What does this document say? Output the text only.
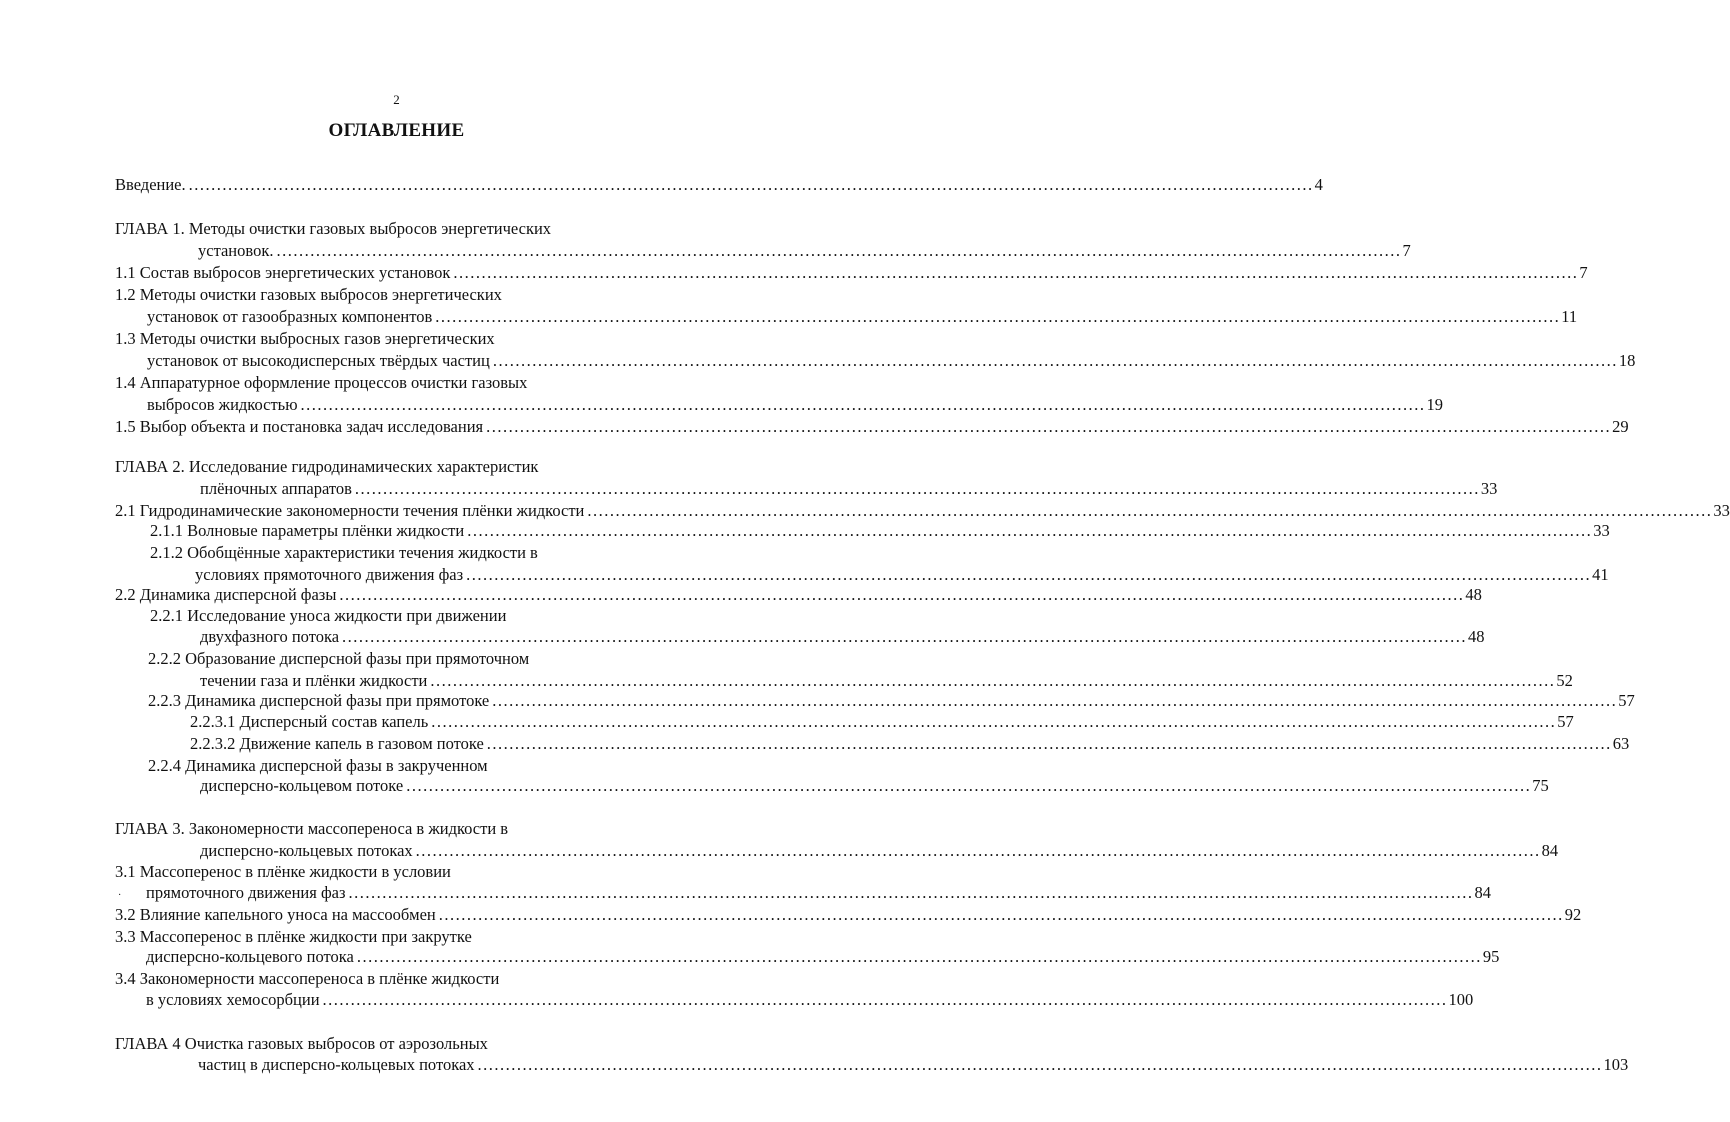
2
ОГЛАВЛЕНИЕ
Введение. ........................................................................................................................................................................................................ 4
ГЛАВА 1. Методы очистки газовых выбросов энергетических
установок. ........................................................................................................................................................................................................ 7
1.1 Состав выбросов энергетических установок ........................................................................................................................................................................................................ 7
1.2 Методы очистки газовых выбросов энергетических
установок от газообразных компонентов ........................................................................................................................................................................................................ 11
1.3 Методы очистки выбросных газов энергетических
установок от высокодисперсных твёрдых частиц ........................................................................................................................................................................................................ 18
1.4 Аппаратурное оформление процессов очистки газовых
выбросов жидкостью ........................................................................................................................................................................................................ 19
1.5 Выбор объекта и постановка задач исследования ........................................................................................................................................................................................................ 29
ГЛАВА 2. Исследование гидродинамических характеристик
плёночных аппаратов ........................................................................................................................................................................................................ 33
2.1 Гидродинамические закономерности течения плёнки жидкости ........................................................................................................................................................................................................ 33
2.1.1 Волновые параметры плёнки жидкости ........................................................................................................................................................................................................ 33
2.1.2 Обобщённые характеристики течения жидкости в
условиях прямоточного движения фаз ........................................................................................................................................................................................................ 41
2.2 Динамика дисперсной фазы ........................................................................................................................................................................................................ 48
2.2.1 Исследование уноса жидкости при движении
двухфазного потока ........................................................................................................................................................................................................ 48
2.2.2 Образование дисперсной фазы при прямоточном
течении газа и плёнки жидкости ........................................................................................................................................................................................................ 52
2.2.3 Динамика дисперсной фазы при прямотоке ........................................................................................................................................................................................................ 57
2.2.3.1 Дисперсный состав капель ........................................................................................................................................................................................................ 57
2.2.3.2 Движение капель в газовом потоке ........................................................................................................................................................................................................ 63
2.2.4 Динамика дисперсной фазы в закрученном
дисперсно-кольцевом потоке ........................................................................................................................................................................................................ 75
ГЛАВА 3. Закономерности массопереноса в жидкости в
дисперсно-кольцевых потоках ........................................................................................................................................................................................................ 84
3.1 Массоперенос в плёнке жидкости в условии
· прямоточного движения фаз ........................................................................................................................................................................................................ 84
3.2 Влияние капельного уноса на массообмен ........................................................................................................................................................................................................ 92
3.3 Массоперенос в плёнке жидкости при закрутке
дисперсно-кольцевого потока ........................................................................................................................................................................................................ 95
3.4 Закономерности массопереноса в плёнке жидкости
в условиях хемосорбции ........................................................................................................................................................................................................ 100
ГЛАВА 4 Очистка газовых выбросов от аэрозольных
частиц в дисперсно-кольцевых потоках ........................................................................................................................................................................................................ 103
